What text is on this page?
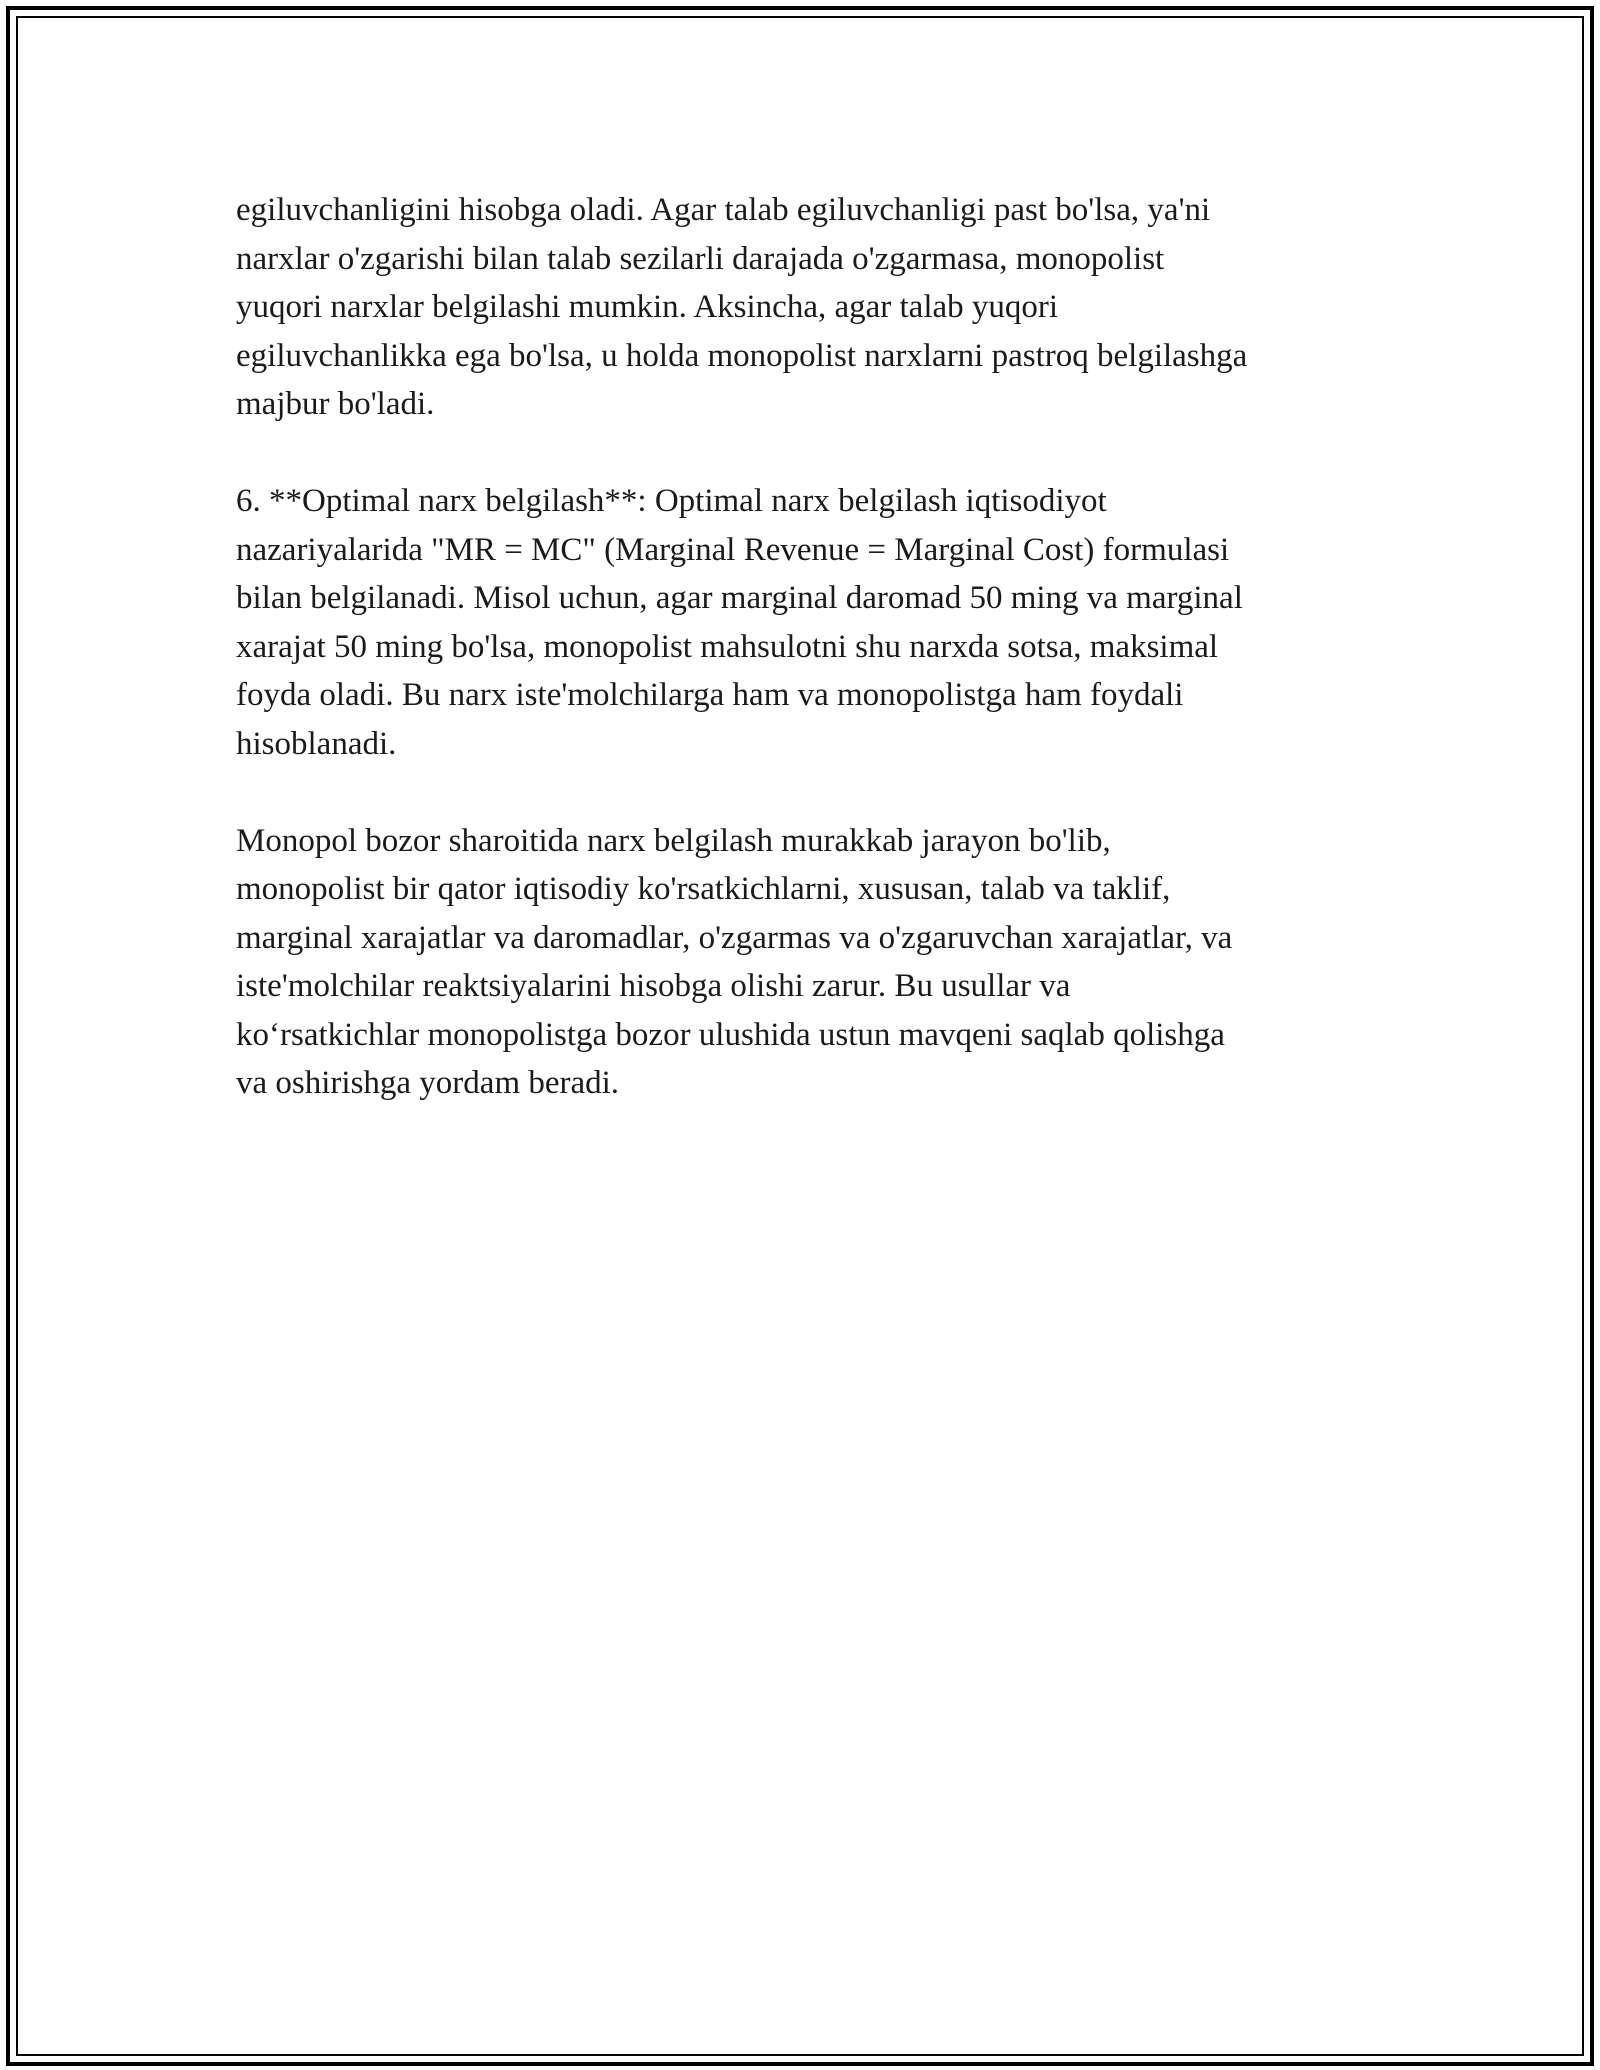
egiluvchanligini hisobga oladi. Agar talab egiluvchanligi past bo'lsa, ya'ni
narxlar o'zgarishi bilan talab sezilarli darajada o'zgarmasa, monopolist
yuqori narxlar belgilashi mumkin. Aksincha, agar talab yuqori
egiluvchanlikka ega bo'lsa, u holda monopolist narxlarni pastroq belgilashga
majbur bo'ladi.

6. **Optimal narx belgilash**: Optimal narx belgilash iqtisodiyot
nazariyalarida "MR = MC" (Marginal Revenue = Marginal Cost) formulasi
bilan belgilanadi. Misol uchun, agar marginal daromad 50 ming va marginal
xarajat 50 ming bo'lsa, monopolist mahsulotni shu narxda sotsa, maksimal
foyda oladi. Bu narx iste'molchilarga ham va monopolistga ham foydali
hisoblanadi.

Monopol bozor sharoitida narx belgilash murakkab jarayon bo'lib,
monopolist bir qator iqtisodiy ko'rsatkichlarni, xususan, talab va taklif,
marginal xarajatlar va daromadlar, o'zgarmas va o'zgaruvchan xarajatlar, va
iste'molchilar reaktsiyalarini hisobga olishi zarur. Bu usullar va
ko‘rsatkichlar monopolistga bozor ulushida ustun mavqeni saqlab qolishga
va oshirishga yordam beradi.
